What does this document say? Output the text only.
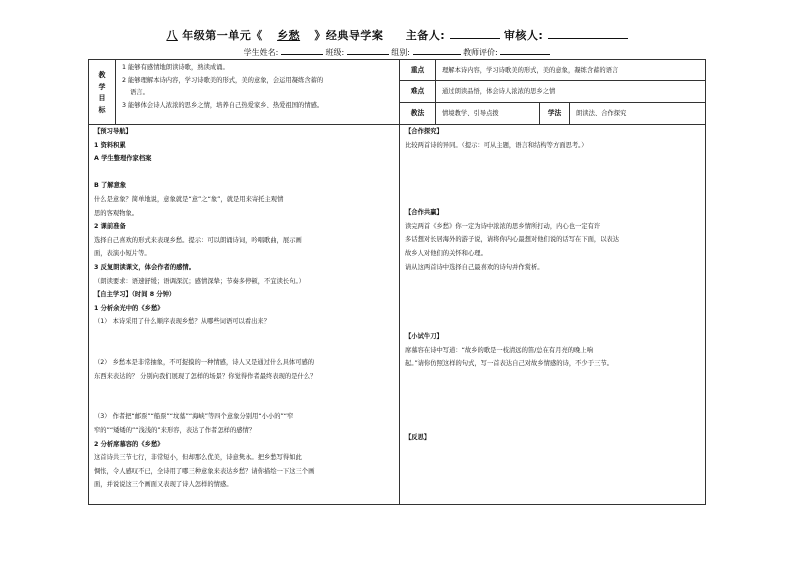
八 年级第一单元《 乡愁 》经典导学案 主备人:	审核人:
学生姓名:	班级:	组别:	教师评价:
教
学
目
标

1 能够有感情地朗读诗歌，熟读成诵。

2 能够理解本诗内容，学习诗歌美的形式，美的意象，会运用凝练含蓄的

语言。

3 能够体会诗人浓浓的思乡之情，培养自己热爱家乡、热爱祖国的情感。

重点	理解本诗内容，学习诗歌美的形式，美的意象，凝练含蓄的语言
难点	通过朗读品悟，体会诗人浓浓的思乡之情
教法	情境教学、引导点拨	学法	朗读法、合作探究

【预习导航】

1 资料积累

A 学生整理作家档案

B 了解意象

什么是意象？简单地说，意象就是“意”之“象”，就是用来寄托主观情

思的客观物象。

2 课前准备

选择自己喜欢的形式来表现乡愁。提示：可以朗诵诗词，吟唱歌曲，展示画

面，表演小短片等。

3 反复朗读课文，体会作者的感情。

（朗读要求：语速舒缓；语调深沉；感情深挚；节奏多停顿，不宜读长句。）

【自主学习】（时间 8 分钟）

1 分析余光中的《乡愁》

（1） 本诗采用了什么顺序表现乡愁？从哪些词语可以看出来？

（2） 乡愁本是非常抽象，不可捉摸的一种情感，诗人又是通过什么具体可感的

东西来表达的？ 分别向我们展现了怎样的场景？你觉得作者最终表现的是什么？

（3） 作者把“邮票”“船票”“坟墓”“海峡”等四个意象分别用“小小的”“窄

窄的”“矮矮的”“浅浅的”来形容，表达了作者怎样的感情？

2 分析席慕容的《乡愁》

这首诗共三节七行，非常短小，但却那么优美，诗意隽永。把乡愁写得如此

惆怅，令人感叹不已，全诗用了哪三种意象来表达乡愁？请你描绘一下这三个画

面，并说说这三个画面又表现了诗人怎样的情感。

【合作探究】

比较两首诗的异同。（提示：可从主题，语言和结构等方面思考。）

【合作共赢】

读完两首《乡愁》你一定为诗中浓浓的思乡情所打动，内心也一定有许

多话想对长居海外的游子说，请将你内心最想对他们说的话写在下面，以表达

故乡人对他们的关怀和心理。

请从这两首诗中选择自己最喜欢的诗句并作赏析。

【小试牛刀】

席慕容在诗中写道：“故乡的歌是一枝清远的笛/总在有月亮的晚上响

起。”请你仿照这样的句式，写一首表达自己对故乡情感的诗，不少于三节。

【反思】
